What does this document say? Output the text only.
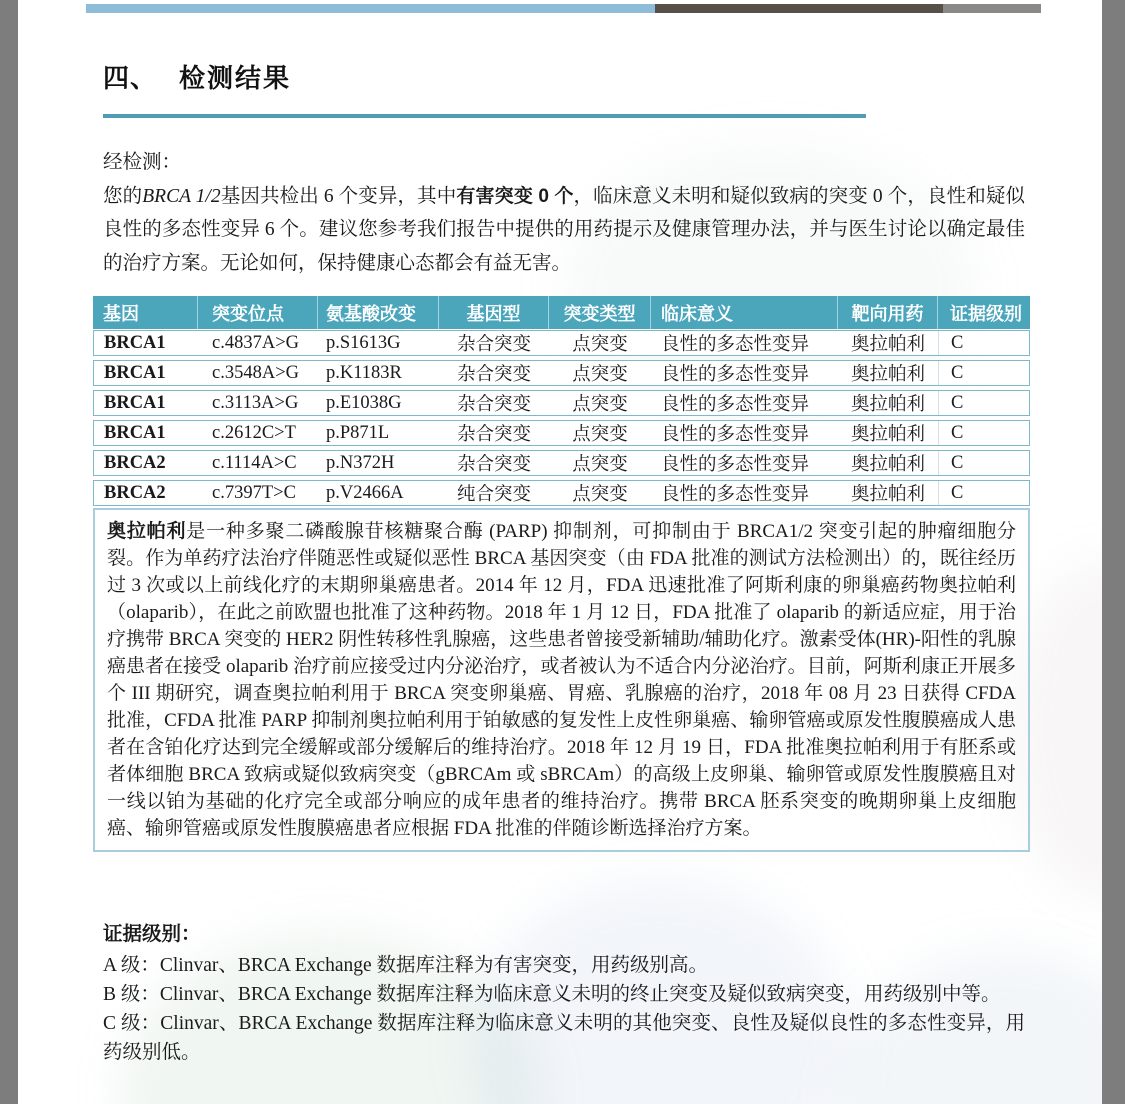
四、 检测结果
经检测：
您的BRCA 1/2基因共检出 6 个变异，其中有害突变 0 个，临床意义未明和疑似致病的突变 0 个，良性和疑似良性的多态性变异 6 个。建议您参考我们报告中提供的用药提示及健康管理办法，并与医生讨论以确定最佳的治疗方案。无论如何，保持健康心态都会有益无害。
基因	突变位点	氨基酸改变	基因型	突变类型	临床意义	靶向用药	证据级别
BRCA1	c.4837A>G	p.S1613G	杂合突变	点突变	良性的多态性变异	奥拉帕利	C
BRCA1	c.3548A>G	p.K1183R	杂合突变	点突变	良性的多态性变异	奥拉帕利	C
BRCA1	c.3113A>G	p.E1038G	杂合突变	点突变	良性的多态性变异	奥拉帕利	C
BRCA1	c.2612C>T	p.P871L	杂合突变	点突变	良性的多态性变异	奥拉帕利	C
BRCA2	c.1114A>C	p.N372H	杂合突变	点突变	良性的多态性变异	奥拉帕利	C
BRCA2	c.7397T>C	p.V2466A	纯合突变	点突变	良性的多态性变异	奥拉帕利	C
奥拉帕利是一种多聚二磷酸腺苷核糖聚合酶 (PARP) 抑制剂，可抑制由于 BRCA1/2 突变引起的肿瘤细胞分裂。作为单药疗法治疗伴随恶性或疑似恶性 BRCA 基因突变（由 FDA 批准的测试方法检测出）的，既往经历过 3 次或以上前线化疗的末期卵巢癌患者。2014 年 12 月，FDA 迅速批准了阿斯利康的卵巢癌药物奥拉帕利（olaparib），在此之前欧盟也批准了这种药物。2018 年 1 月 12 日，FDA 批准了 olaparib 的新适应症，用于治疗携带 BRCA 突变的 HER2 阴性转移性乳腺癌，这些患者曾接受新辅助/辅助化疗。激素受体(HR)-阳性的乳腺癌患者在接受 olaparib 治疗前应接受过内分泌治疗，或者被认为不适合内分泌治疗。目前，阿斯利康正开展多个 III 期研究，调查奥拉帕利用于 BRCA 突变卵巢癌、胃癌、乳腺癌的治疗，2018 年 08 月 23 日获得 CFDA 批准，CFDA 批准 PARP 抑制剂奥拉帕利用于铂敏感的复发性上皮性卵巢癌、输卵管癌或原发性腹膜癌成人患者在含铂化疗达到完全缓解或部分缓解后的维持治疗。2018 年 12 月 19 日，FDA 批准奥拉帕利用于有胚系或者体细胞 BRCA 致病或疑似致病突变（gBRCAm 或 sBRCAm）的高级上皮卵巢、输卵管或原发性腹膜癌且对一线以铂为基础的化疗完全或部分响应的成年患者的维持治疗。携带 BRCA 胚系突变的晚期卵巢上皮细胞癌、输卵管癌或原发性腹膜癌患者应根据 FDA 批准的伴随诊断选择治疗方案。
证据级别：
A 级：Clinvar、BRCA Exchange 数据库注释为有害突变，用药级别高。
B 级：Clinvar、BRCA Exchange 数据库注释为临床意义未明的终止突变及疑似致病突变，用药级别中等。
C 级：Clinvar、BRCA Exchange 数据库注释为临床意义未明的其他突变、良性及疑似良性的多态性变异，用药级别低。
